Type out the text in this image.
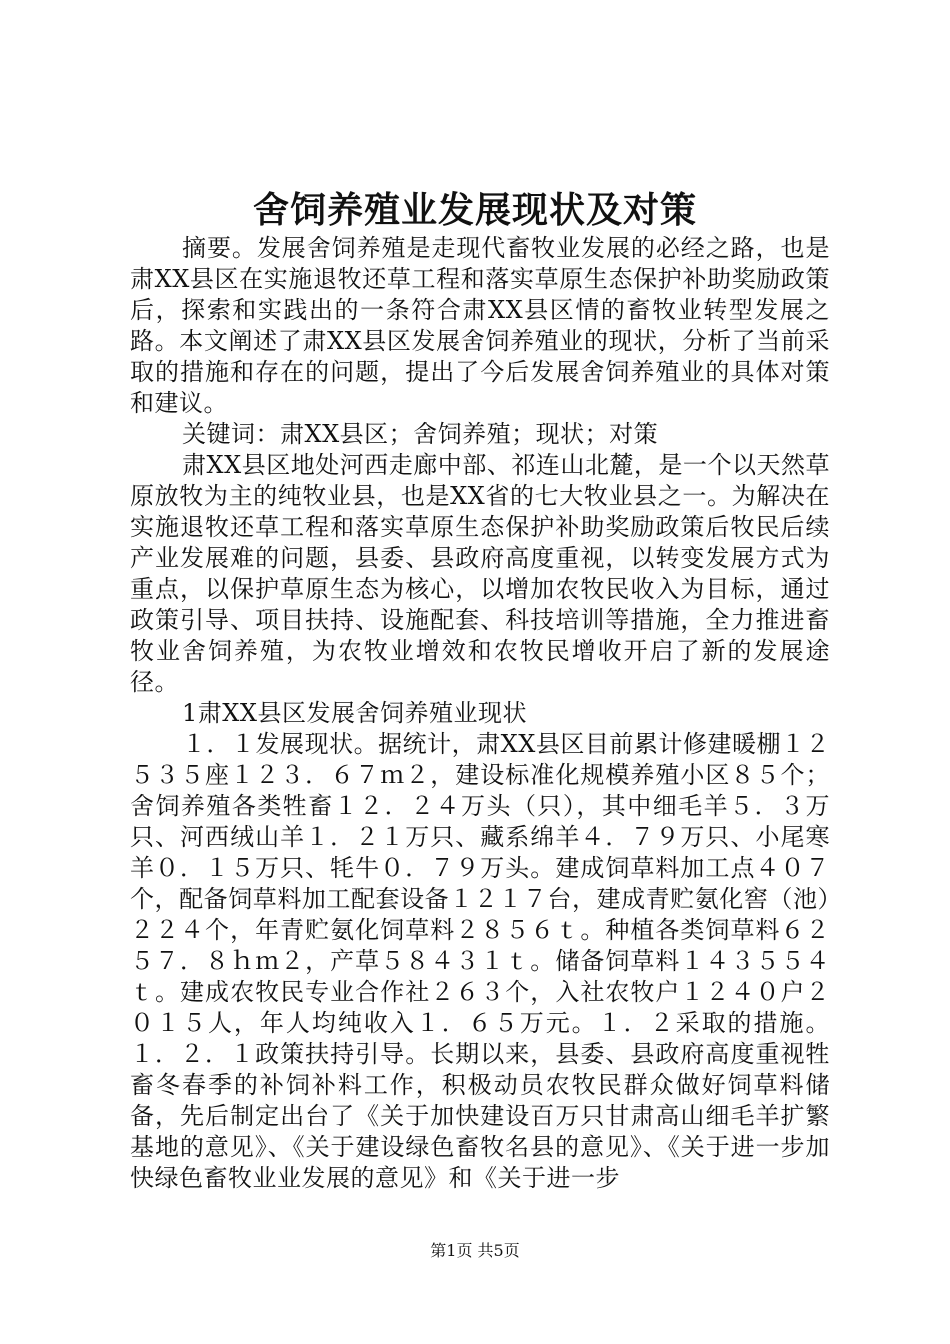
舍饲养殖业发展现状及对策

摘要。发展舍饲养殖是走现代畜牧业发展的必经之路，也是肃XX县区在实施退牧还草工程和落实草原生态保护补助奖励政策后，探索和实践出的一条符合肃XX县区情的畜牧业转型发展之路。本文阐述了肃XX县区发展舍饲养殖业的现状，分析了当前采取的措施和存在的问题，提出了今后发展舍饲养殖业的具体对策和建议。

关键词：肃XX县区；舍饲养殖；现状；对策

肃XX县区地处河西走廊中部、祁连山北麓，是一个以天然草原放牧为主的纯牧业县，也是XX省的七大牧业县之一。为解决在实施退牧还草工程和落实草原生态保护补助奖励政策后牧民后续产业发展难的问题，县委、县政府高度重视，以转变发展方式为重点，以保护草原生态为核心，以增加农牧民收入为目标，通过政策引导、项目扶持、设施配套、科技培训等措施，全力推进畜牧业舍饲养殖，为农牧业增效和农牧民增收开启了新的发展途径。

1肃XX县区发展舍饲养殖业现状

１．１发展现状。据统计，肃XX县区目前累计修建暖棚１２５３５座１２３．６７ｍ２，建设标准化规模养殖小区８５个；舍饲养殖各类牲畜１２．２４万头（只），其中细毛羊５．３万只、河西绒山羊１．２１万只、藏系绵羊４．７９万只、小尾寒羊０．１５万只、牦牛０．７９万头。建成饲草料加工点４０７个，配备饲草料加工配套设备１２１７台，建成青贮氨化窖（池）２２４个，年青贮氨化饲草料２８５６ｔ。种植各类饲草料６２５７．８ｈｍ２，产草５８４３１ｔ。储备饲草料１４３５５４ｔ。建成农牧民专业合作社２６３个，入社农牧户１２４０户２０１５人，年人均纯收入１．６５万元。１．２采取的措施。１．２．１政策扶持引导。长期以来，县委、县政府高度重视牲畜冬春季的补饲补料工作，积极动员农牧民群众做好饲草料储备，先后制定出台了《关于加快建设百万只甘肃高山细毛羊扩繁基地的意见》、《关于建设绿色畜牧名县的意见》、《关于进一步加快绿色畜牧业业发展的意见》和《关于进一步

第1页 共5页
